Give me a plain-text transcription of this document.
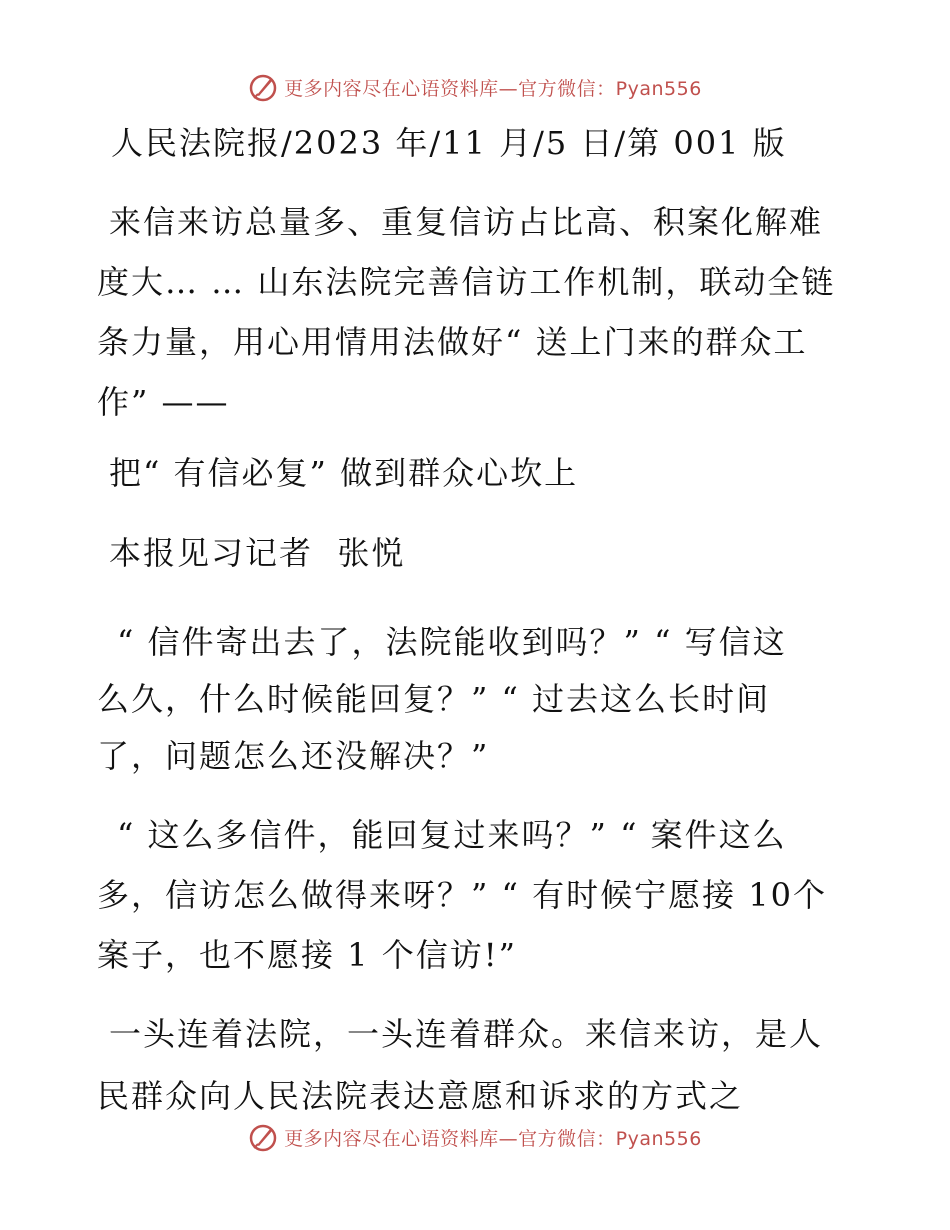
更多内容尽在心语资料库—官方微信：Pyan556
人民法院报/2023 年/11 月/5 日/第 001 版
来信来访总量多、重复信访占比高、积案化解难
度大… … 山东法院完善信访工作机制，联动全链
条力量，用心用情用法做好“ 送上门来的群众工
作” ——
把“ 有信必复” 做到群众心坎上
本报见习记者  张悦
“ 信件寄出去了，法院能收到吗？” “ 写信这
么久，什么时候能回复？” “ 过去这么长时间
了，问题怎么还没解决？”
“ 这么多信件，能回复过来吗？” “ 案件这么
多，信访怎么做得来呀？” “ 有时候宁愿接 10个
案子，也不愿接 1 个信访!”
一头连着法院，一头连着群众。来信来访，是人
民群众向人民法院表达意愿和诉求的方式之
更多内容尽在心语资料库—官方微信：Pyan556
